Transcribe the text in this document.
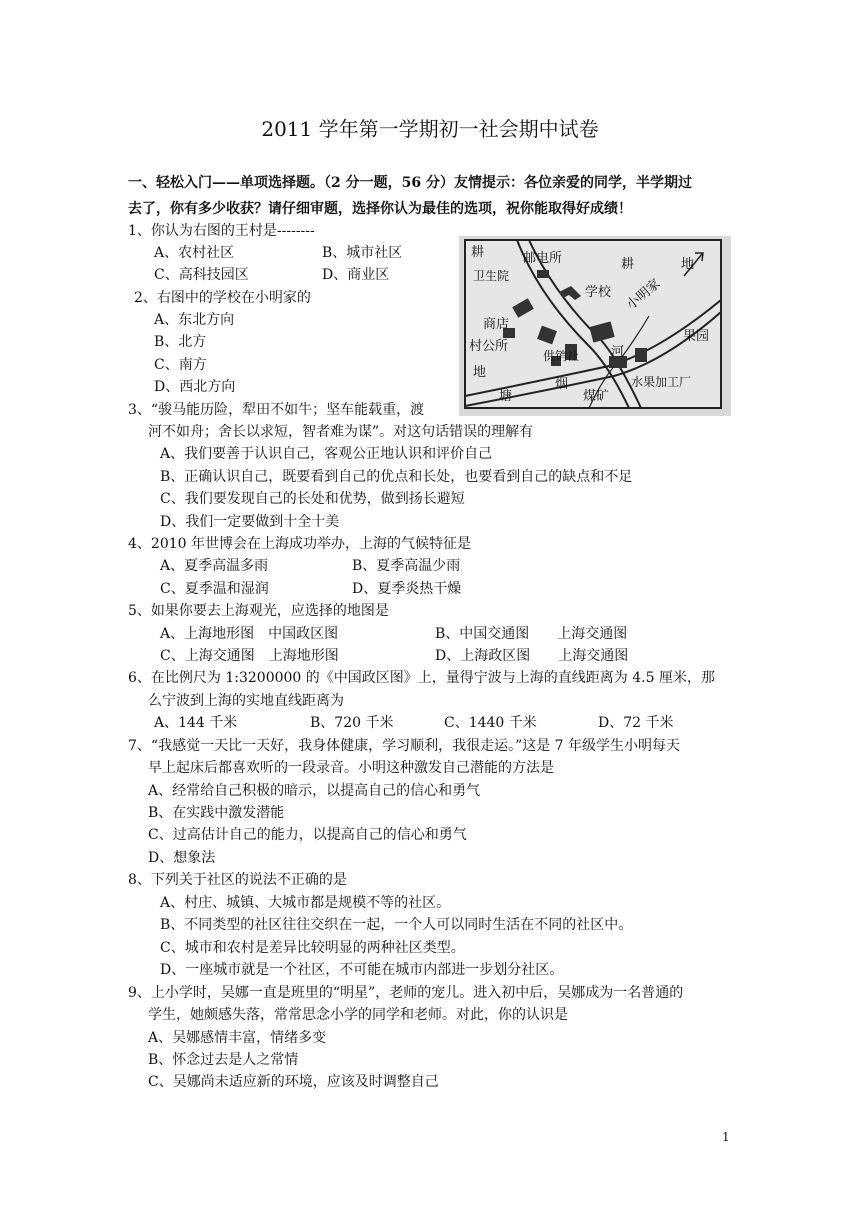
2011 学年第一学期初一社会期中试卷
一、轻松入门——单项选择题。（2 分一题，56 分）友情提示：各位亲爱的同学，半学期过
去了，你有多少收获？请仔细审题，选择你认为最佳的选项，祝你能取得好成绩！
1、你认为右图的王村是--------
A、农村社区	B、城市社区
C、高科技园区	D、商业区
2、右图中的学校在小明家的
A、东北方向
B、北方
C、南方
D、西北方向
3、“骏马能历险，犁田不如牛；坚车能载重，渡
河不如舟；舍长以求短，智者难为谋”。对这句话错误的理解有
A、我们要善于认识自己，客观公正地认识和评价自己
B、正确认识自己，既要看到自己的优点和长处，也要看到自己的缺点和不足
C、我们要发现自己的长处和优势，做到扬长避短
D、我们一定要做到十全十美
4、2010 年世博会在上海成功举办，上海的气候特征是
A、夏季高温多雨	B、夏季高温少雨
C、夏季温和湿润	D、夏季炎热干燥
5、如果你要去上海观光，应选择的地图是
A、上海地形图　中国政区图	B、中国交通图　　上海交通图
C、上海交通图　上海地形图	D、上海政区图　　上海交通图
6、在比例尺为 1:3200000 的《中国政区图》上，量得宁波与上海的直线距离为 4.5 厘米，那
么宁波到上海的实地直线距离为
A、144 千米	B、720 千米	C、1440 千米	D、72 千米
7、“我感觉一天比一天好，我身体健康，学习顺利，我很走运。”这是 7 年级学生小明每天
早上起床后都喜欢听的一段录音。小明这种激发自己潜能的方法是
A、经常给自己积极的暗示，以提高自己的信心和勇气
B、在实践中激发潜能
C、过高估计自己的能力，以提高自己的信心和勇气
D、想象法
8、下列关于社区的说法不正确的是
A、村庄、城镇、大城市都是规模不等的社区。
B、不同类型的社区往往交织在一起，一个人可以同时生活在不同的社区中。
C、城市和农村是差异比较明显的两种社区类型。
D、一座城市就是一个社区，不可能在城市内部进一步划分社区。
9、上小学时，吴娜一直是班里的“明星”，老师的宠儿。进入初中后，吴娜成为一名普通的
学生，她颇感失落，常常思念小学的同学和老师。对此，你的认识是
A、吴娜感情丰富，情绪多变
B、怀念过去是人之常情
C、吴娜尚未适应新的环境，应该及时调整自己
耕	邮电所
卫生院
学校
耕	地
商店
小明家
村公所
地
供销社 河
果园
水果加工厂
烟
煤矿
塘
1
